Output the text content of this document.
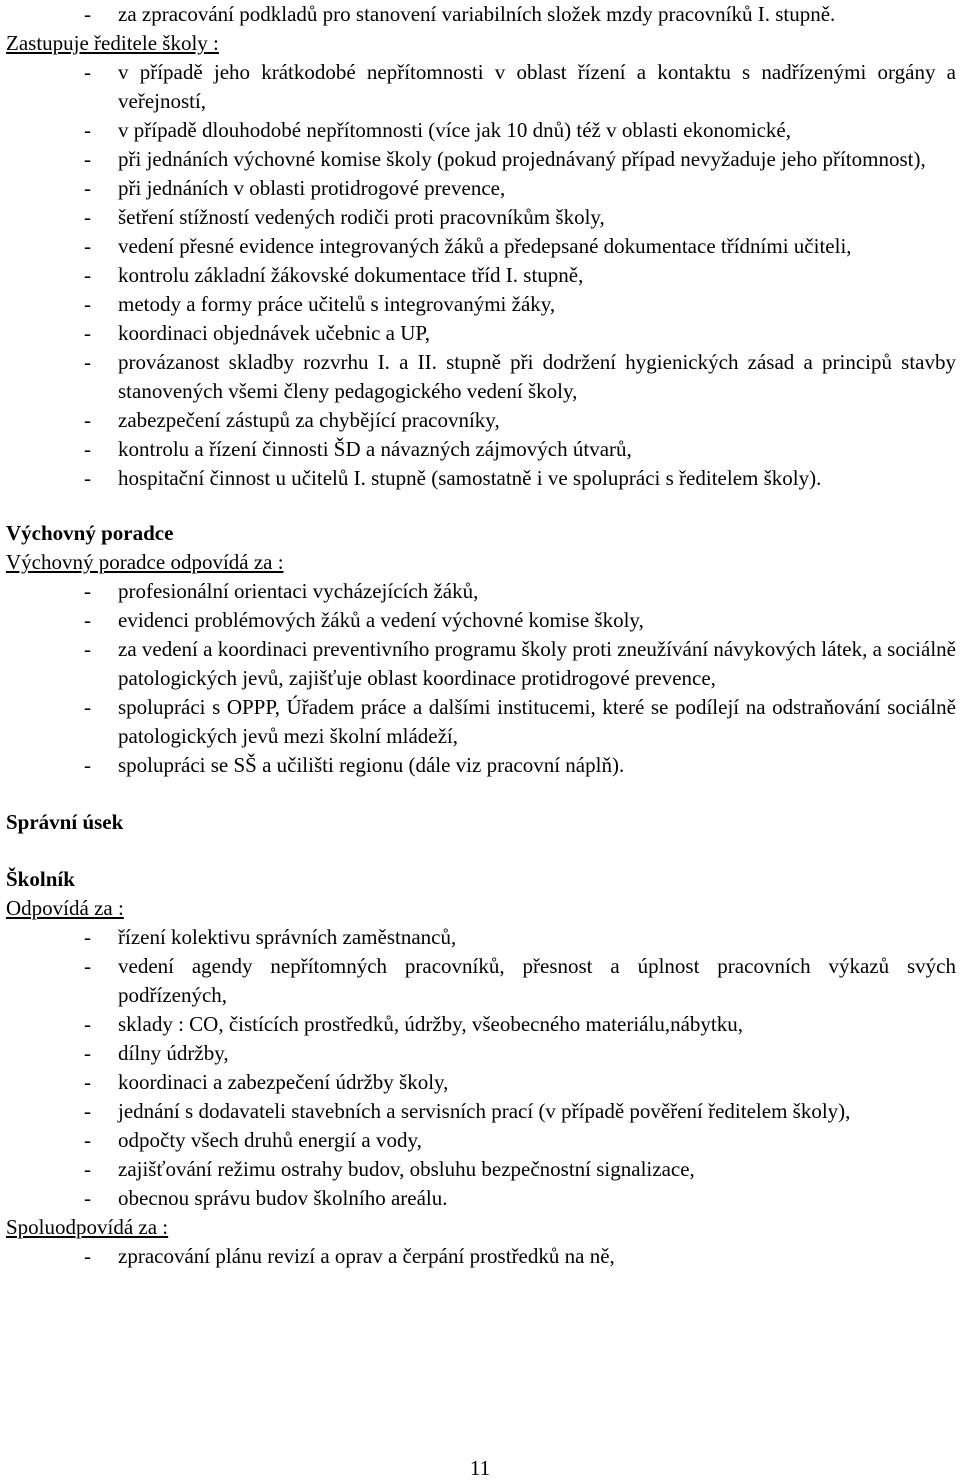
- za zpracování podkladů pro stanovení variabilních složek mzdy pracovníků I. stupně.

Zastupuje ředitele školy :

- v případě jeho krátkodobé nepřítomnosti v oblast řízení a kontaktu s nadřízenými orgány a veřejností,
- v případě dlouhodobé nepřítomnosti (více jak 10 dnů) též v oblasti ekonomické,
- při jednáních výchovné komise školy (pokud projednávaný případ nevyžaduje jeho přítomnost),
- při jednáních v oblasti protidrogové prevence,
- šetření stížností vedených rodiči proti pracovníkům školy,
- vedení přesné evidence integrovaných žáků a předepsané dokumentace třídními učiteli,
- kontrolu základní žákovské dokumentace tříd I. stupně,
- metody a formy práce učitelů s integrovanými žáky,
- koordinaci objednávek učebnic a UP,
- provázanost skladby rozvrhu I. a II. stupně při dodržení hygienických zásad a principů stavby stanovených všemi členy pedagogického vedení školy,
- zabezpečení zástupů za chybějící pracovníky,
- kontrolu a řízení činnosti ŠD a návazných zájmových útvarů,
- hospitační činnost u učitelů I. stupně (samostatně i ve spolupráci s ředitelem školy).

Výchovný poradce

Výchovný poradce odpovídá za :

- profesionální orientaci vycházejících žáků,
- evidenci problémových žáků a vedení výchovné komise školy,
- za vedení a koordinaci preventivního programu školy proti zneužívání návykových látek, a sociálně patologických jevů, zajišťuje oblast koordinace protidrogové prevence,
- spolupráci s OPPP, Úřadem práce a dalšími institucemi, které se podílejí na odstraňování sociálně patologických jevů mezi školní mládeží,
- spolupráci se SŠ a učilišti regionu (dále viz pracovní náplň).

Správní úsek

Školník

Odpovídá za :

- řízení kolektivu správních zaměstnanců,
- vedení agendy nepřítomných pracovníků, přesnost a úplnost pracovních výkazů svých podřízených,
- sklady : CO, čistících prostředků, údržby, všeobecného materiálu,nábytku,
- dílny údržby,
- koordinaci a zabezpečení údržby školy,
- jednání s dodavateli stavebních a servisních prací (v případě pověření ředitelem školy),
- odpočty všech druhů energií a vody,
- zajišťování režimu ostrahy budov, obsluhu bezpečnostní signalizace,
- obecnou správu budov školního areálu.

Spoluodpovídá za :

- zpracování plánu revizí a oprav a čerpání prostředků na ně,
11
